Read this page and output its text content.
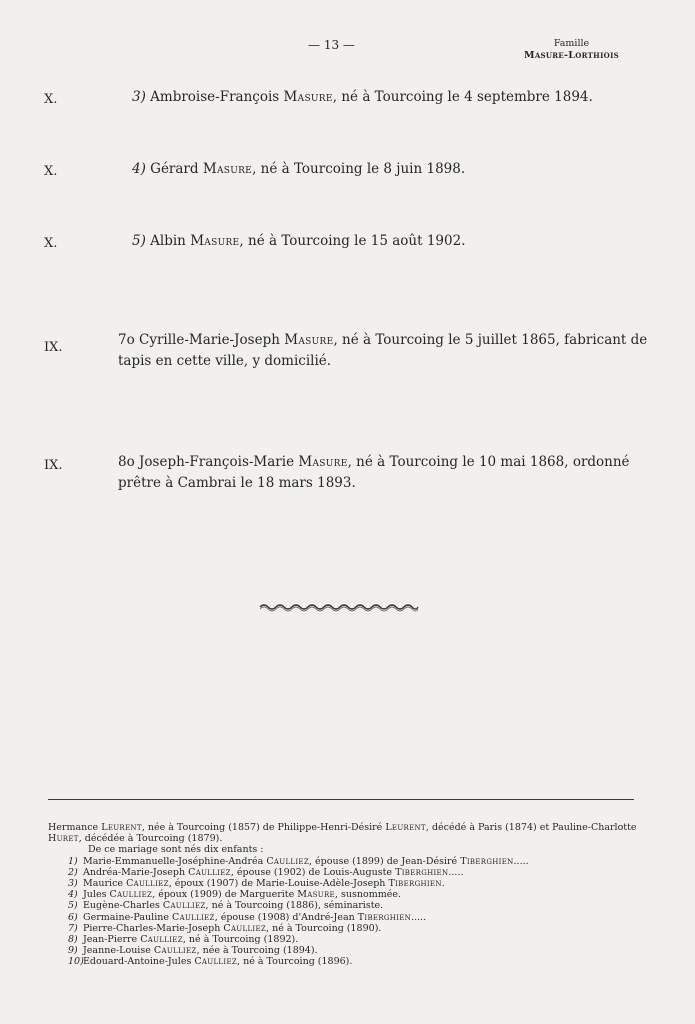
— 13 —	Famille
Masure-Lorthiois
X.	3) Ambroise-François Masure, né à Tourcoing le 4 septembre 1894.
X.	4) Gérard Masure, né à Tourcoing le 8 juin 1898.
X.	5) Albin Masure, né à Tourcoing le 15 août 1902.
IX.	7o Cyrille-Marie-Joseph Masure, né à Tourcoing le 5 juillet 1865, fabricant de tapis en cette ville, y domicilié.
IX.	8o Joseph-François-Marie Masure, né à Tourcoing le 10 mai 1868, ordonné prêtre à Cambrai le 18 mars 1893.
Hermance Leurent, née à Tourcoing (1857) de Philippe-Henri-Désiré Leurent, décédé à Paris (1874) et Pauline-Charlotte Huret, décédée à Tourcoing (1879).
De ce mariage sont nés dix enfants :
1) Marie-Emmanuelle-Joséphine-Andréa Caulliez, épouse (1899) de Jean-Désiré Tiberghien.....
2) Andréa-Marie-Joseph Caulliez, épouse (1902) de Louis-Auguste Tiberghien.....
3) Maurice Caulliez, époux (1907) de Marie-Louise-Adèle-Joseph Tiberghien.
4) Jules Caulliez, époux (1909) de Marguerite Masure, susnommée.
5) Eugène-Charles Caulliez, né à Tourcoing (1886), séminariste.
6) Germaine-Pauline Caulliez, épouse (1908) d'André-Jean Tiberghien.....
7) Pierre-Charles-Marie-Joseph Caulliez, né à Tourcoing (1890).
8) Jean-Pierre Caulliez, né à Tourcoing (1892).
9) Jeanne-Louise Caulliez, née à Tourcoing (1894).
10)Edouard-Antoine-Jules Caulliez, né à Tourcoing (1896).
